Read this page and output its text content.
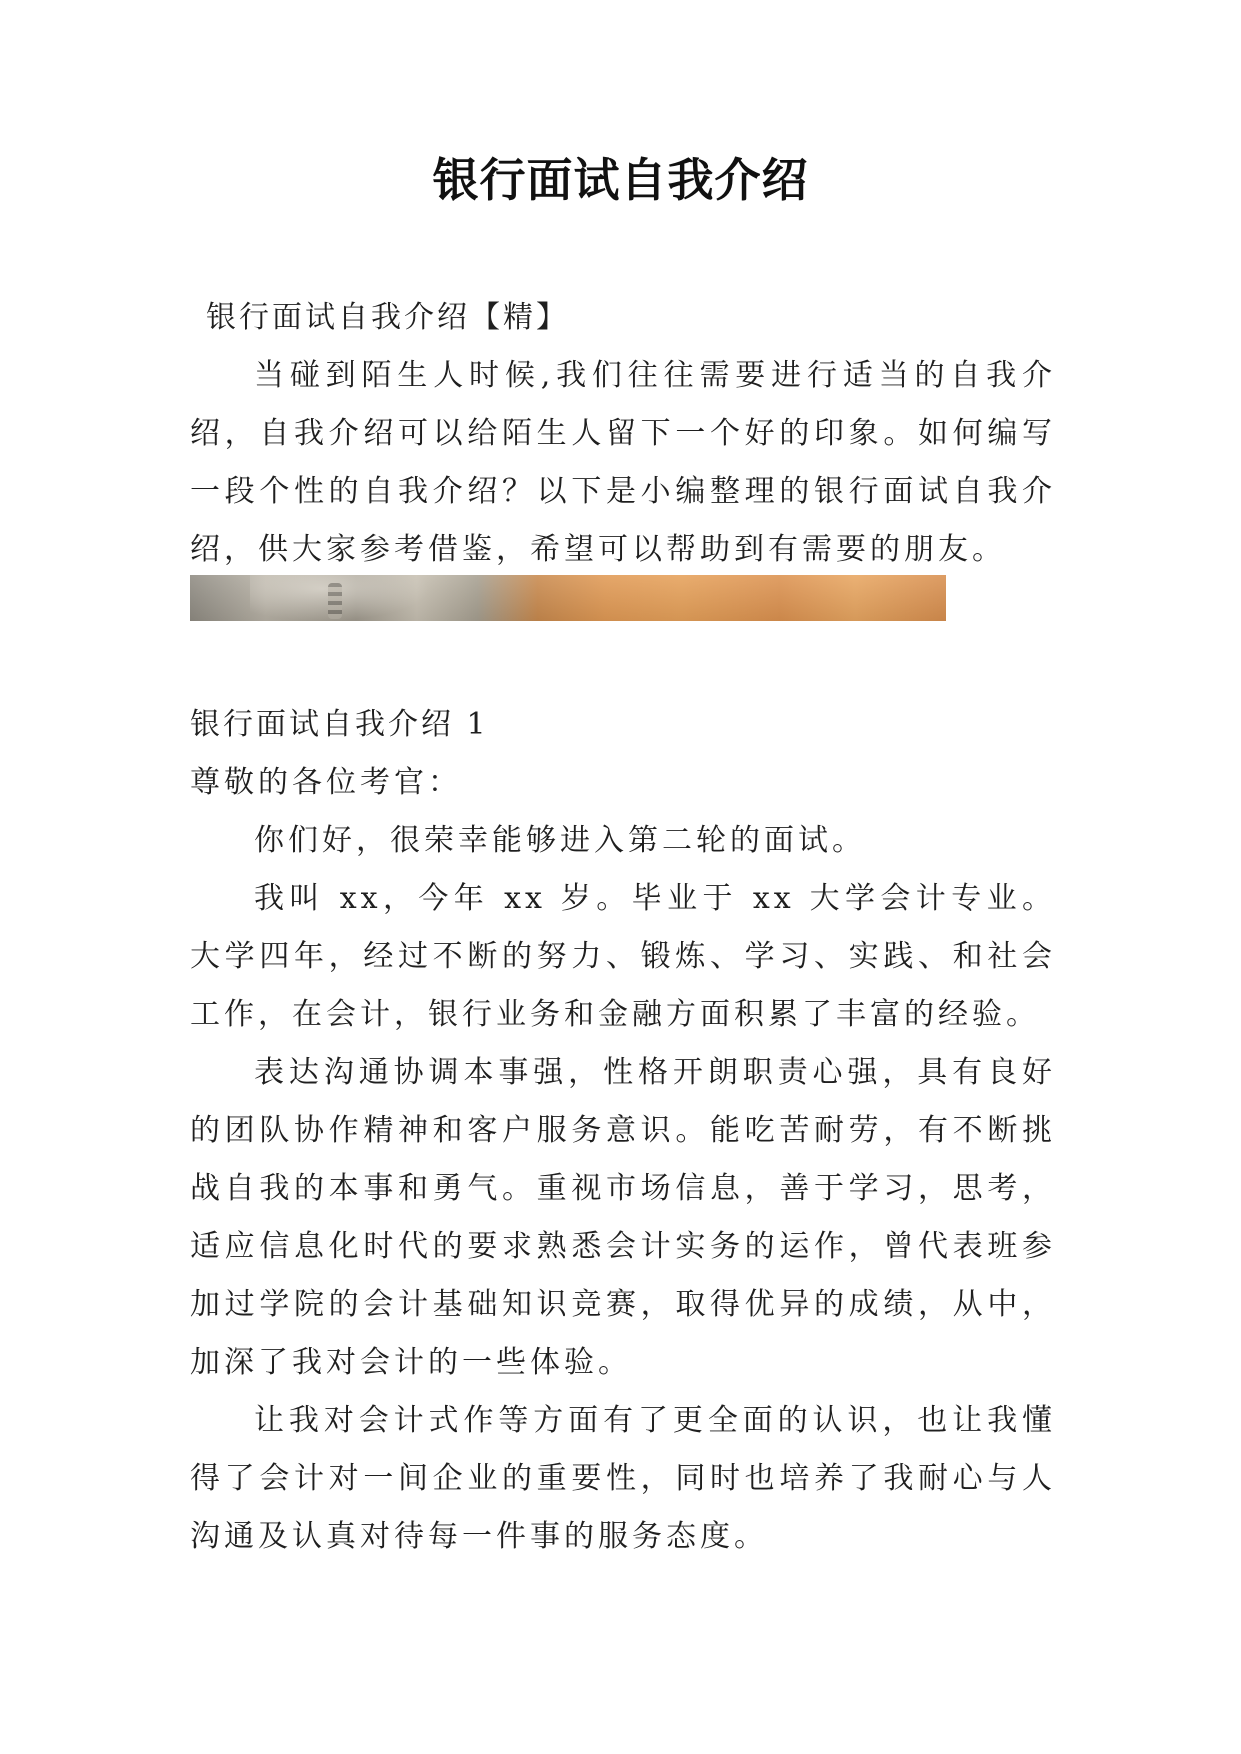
银行面试自我介绍
银行面试自我介绍【精】

当碰到陌生人时候,我们往往需要进行适当的自我介绍，自我介绍可以给陌生人留下一个好的印象。如何编写一段个性的自我介绍？以下是小编整理的银行面试自我介绍，供大家参考借鉴，希望可以帮助到有需要的朋友。

银行面试自我介绍 1

尊敬的各位考官：

你们好，很荣幸能够进入第二轮的面试。

我叫 xx，今年 xx 岁。毕业于 xx 大学会计专业。大学四年，经过不断的努力、锻炼、学习、实践、和社会工作，在会计，银行业务和金融方面积累了丰富的经验。

表达沟通协调本事强，性格开朗职责心强，具有良好的团队协作精神和客户服务意识。能吃苦耐劳，有不断挑战自我的本事和勇气。重视市场信息，善于学习，思考，适应信息化时代的要求熟悉会计实务的运作，曾代表班参加过学院的会计基础知识竞赛，取得优异的成绩，从中，加深了我对会计的一些体验。

让我对会计式作等方面有了更全面的认识，也让我懂得了会计对一间企业的重要性，同时也培养了我耐心与人沟通及认真对待每一件事的服务态度。
